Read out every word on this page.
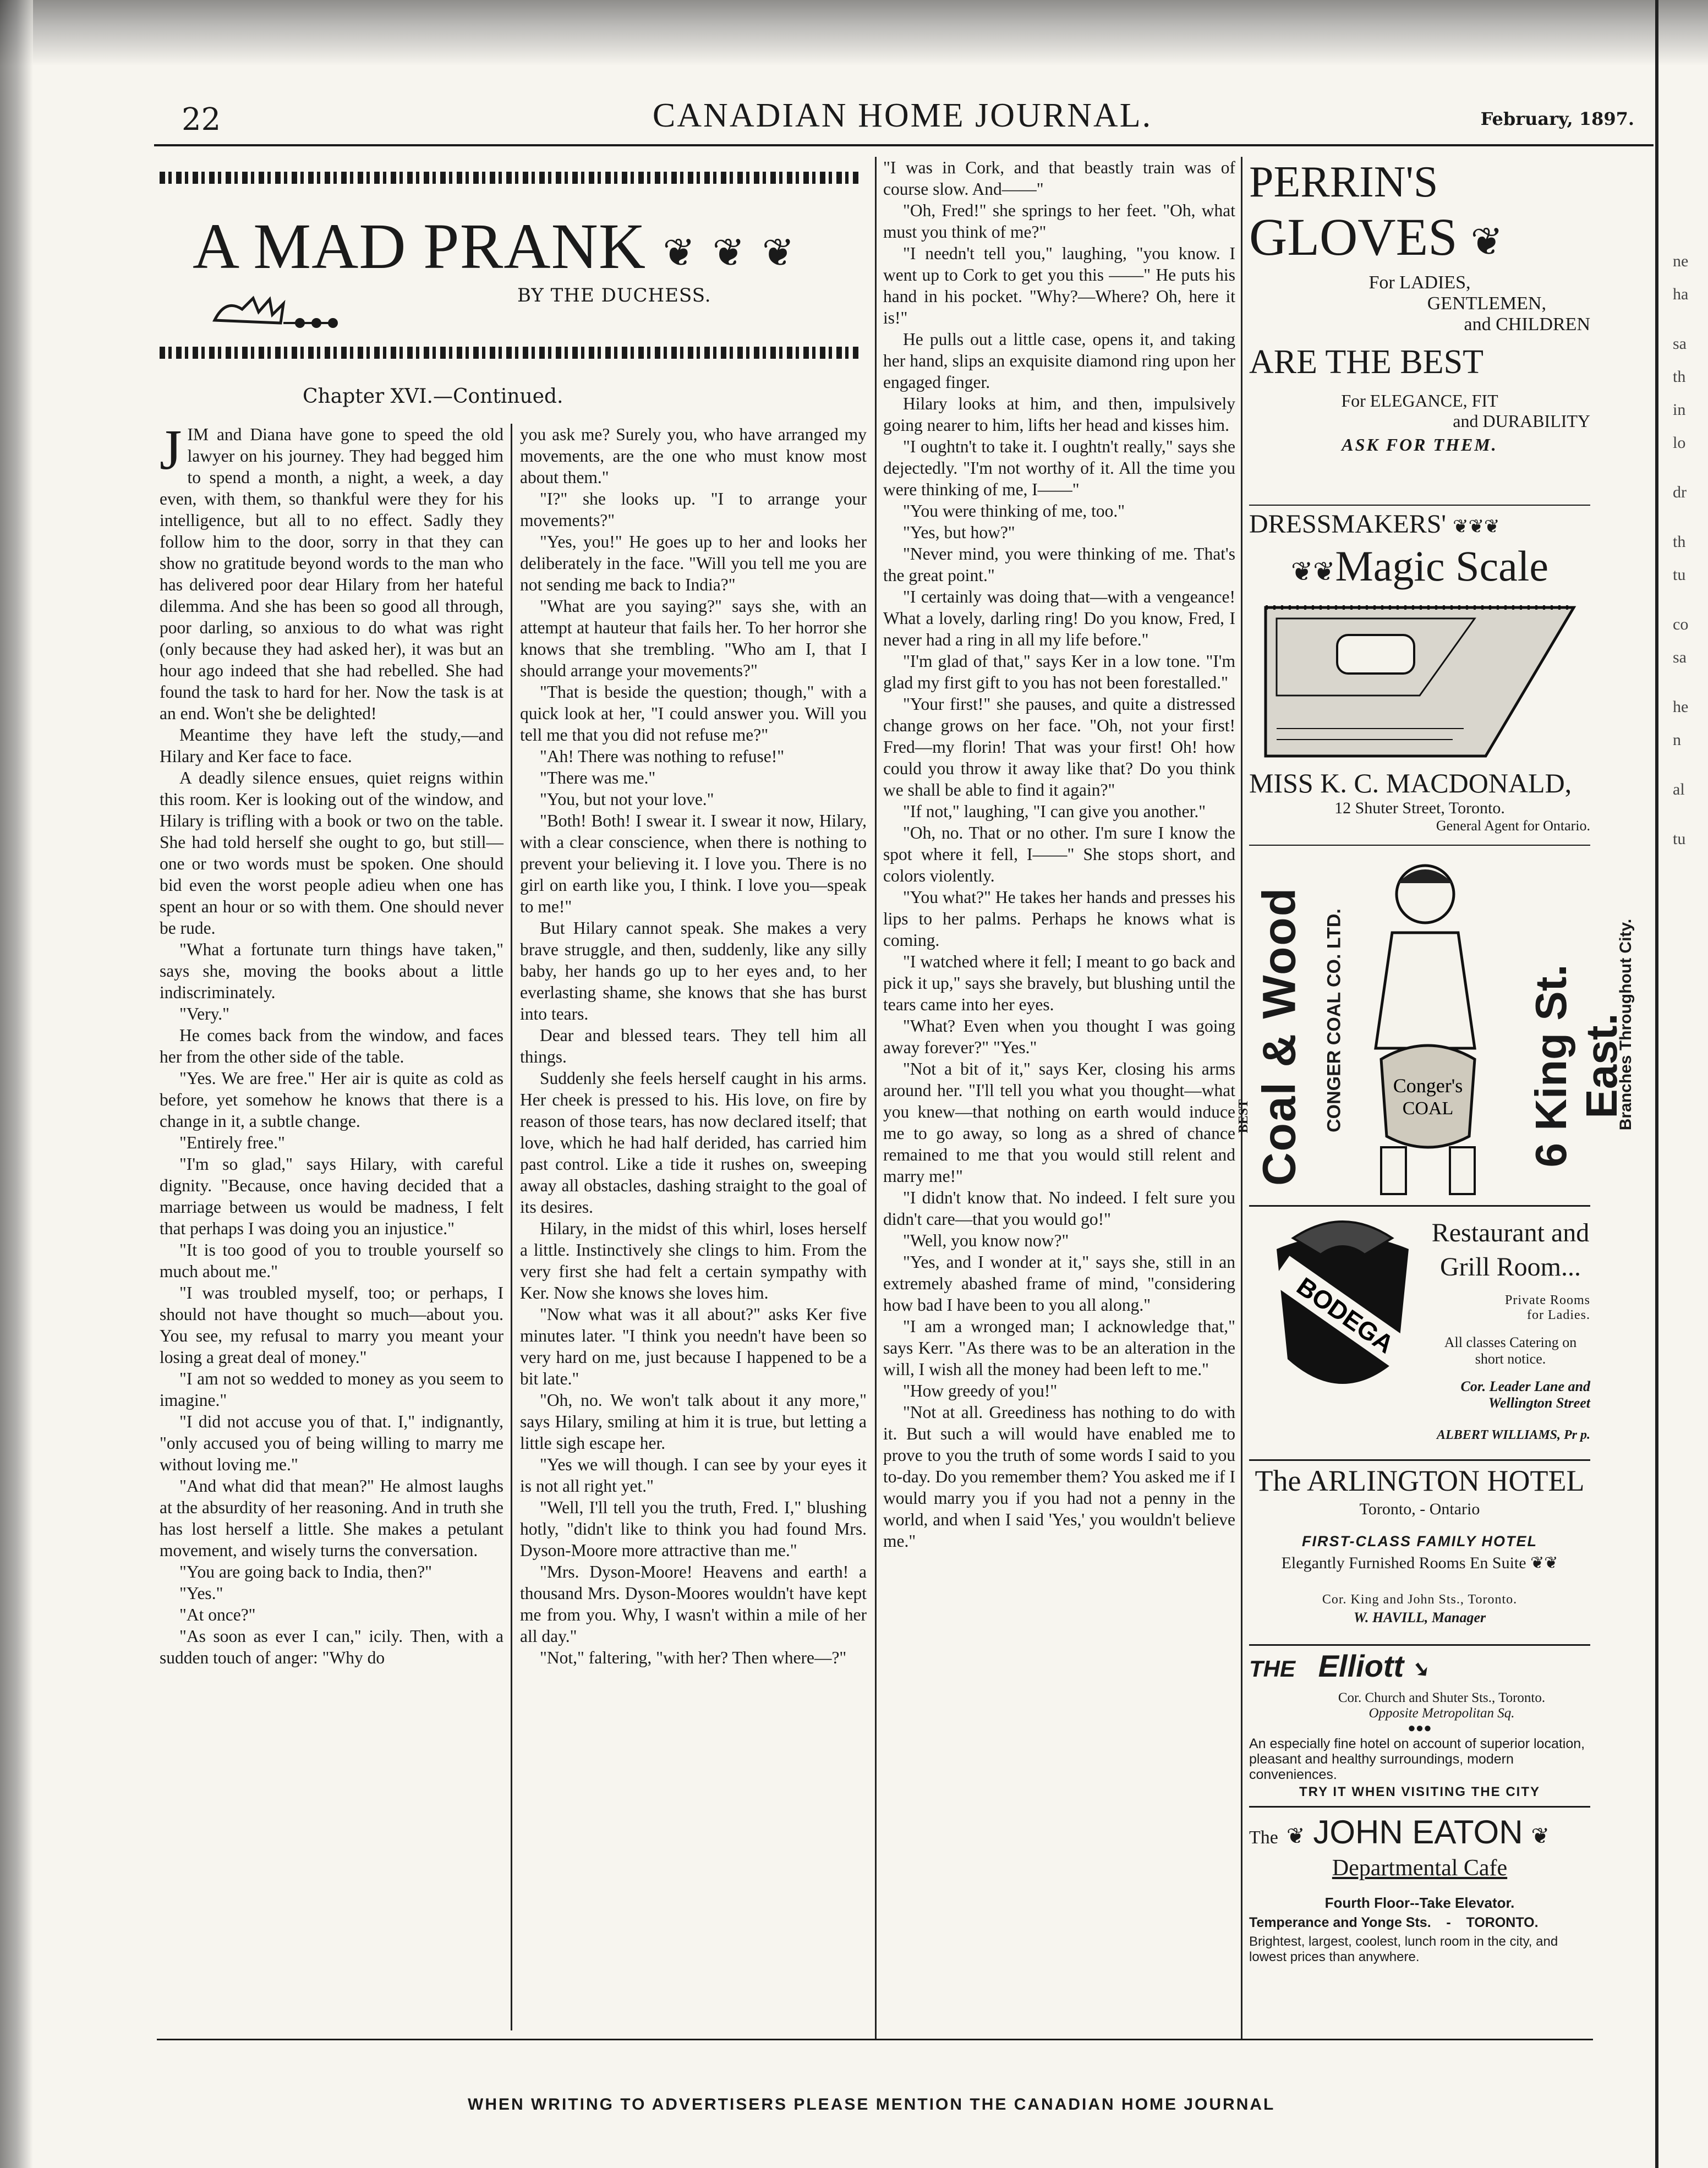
ne

ha

sa

th

in

lo

dr

th

tu

co

sa

he

n

al

tu
22	CANADIAN HOME JOURNAL.	February, 1897.
A MAD PRANK ❦ ❦ ❦
BY THE DUCHESS.
Chapter XVI.—Continued.
J IM and Diana have gone to speed the old lawyer on his journey. They had begged him to spend a month, a night, a week, a day even, with them, so thankful were they for his intelligence, but all to no effect. Sadly they follow him to the door, sorry in that they can show no gratitude beyond words to the man who has delivered poor dear Hilary from her hateful dilemma. And she has been so good all through, poor darling, so anxious to do what was right (only because they had asked her), it was but an hour ago indeed that she had rebelled. She had found the task to hard for her. Now the task is at an end. Won't she be delighted!

Meantime they have left the study,—and Hilary and Ker face to face.

A deadly silence ensues, quiet reigns within this room. Ker is looking out of the window, and Hilary is trifling with a book or two on the table. She had told herself she ought to go, but still—one or two words must be spoken. One should bid even the worst people adieu when one has spent an hour or so with them. One should never be rude.

"What a fortunate turn things have taken," says she, moving the books about a little indiscriminately.

"Very."

He comes back from the window, and faces her from the other side of the table.

"Yes. We are free." Her air is quite as cold as before, yet somehow he knows that there is a change in it, a subtle change.

"Entirely free."

"I'm so glad," says Hilary, with careful dignity. "Because, once having decided that a marriage between us would be madness, I felt that perhaps I was doing you an injustice."

"It is too good of you to trouble yourself so much about me."

"I was troubled myself, too; or perhaps, I should not have thought so much—about you. You see, my refusal to marry you meant your losing a great deal of money."

"I am not so wedded to money as you seem to imagine."

"I did not accuse you of that. I," indignantly, "only accused you of being willing to marry me without loving me."

"And what did that mean?" He almost laughs at the absurdity of her reasoning. And in truth she has lost herself a little. She makes a petulant movement, and wisely turns the conversation.

"You are going back to India, then?"

"Yes."

"At once?"

"As soon as ever I can," icily. Then, with a sudden touch of anger: "Why do

you ask me? Surely you, who have arranged my movements, are the one who must know most about them."

"I?" she looks up. "I to arrange your movements?"

"Yes, you!" He goes up to her and looks her deliberately in the face. "Will you tell me you are not sending me back to India?"

"What are you saying?" says she, with an attempt at hauteur that fails her. To her horror she knows that she trembling. "Who am I, that I should arrange your movements?"

"That is beside the question; though," with a quick look at her, "I could answer you. Will you tell me that you did not refuse me?"

"Ah! There was nothing to refuse!"

"There was me."

"You, but not your love."

"Both! Both! I swear it. I swear it now, Hilary, with a clear conscience, when there is nothing to prevent your believing it. I love you. There is no girl on earth like you, I think. I love you—speak to me!"

But Hilary cannot speak. She makes a very brave struggle, and then, suddenly, like any silly baby, her hands go up to her eyes and, to her everlasting shame, she knows that she has burst into tears.

Dear and blessed tears. They tell him all things.

Suddenly she feels herself caught in his arms. Her cheek is pressed to his. His love, on fire by reason of those tears, has now declared itself; that love, which he had half derided, has carried him past control. Like a tide it rushes on, sweeping away all obstacles, dashing straight to the goal of its desires.

Hilary, in the midst of this whirl, loses herself a little. Instinctively she clings to him. From the very first she had felt a certain sympathy with Ker. Now she knows she loves him.

"Now what was it all about?" asks Ker five minutes later. "I think you needn't have been so very hard on me, just because I happened to be a bit late."

"Oh, no. We won't talk about it any more," says Hilary, smiling at him it is true, but letting a little sigh escape her.

"Yes we will though. I can see by your eyes it is not all right yet."

"Well, I'll tell you the truth, Fred. I," blushing hotly, "didn't like to think you had found Mrs. Dyson-Moore more attractive than me."

"Mrs. Dyson-Moore! Heavens and earth! a thousand Mrs. Dyson-Moores wouldn't have kept me from you. Why, I wasn't within a mile of her all day."

"Not," faltering, "with her? Then where—?"

"I was in Cork, and that beastly train was of course slow. And——"

"Oh, Fred!" she springs to her feet. "Oh, what must you think of me?"

"I needn't tell you," laughing, "you know. I went up to Cork to get you this ——" He puts his hand in his pocket. "Why?—Where? Oh, here it is!"

He pulls out a little case, opens it, and taking her hand, slips an exquisite diamond ring upon her engaged finger.

Hilary looks at him, and then, impulsively going nearer to him, lifts her head and kisses him.

"I oughtn't to take it. I oughtn't really," says she dejectedly. "I'm not worthy of it. All the time you were thinking of me, I——"

"You were thinking of me, too."

"Yes, but how?"

"Never mind, you were thinking of me. That's the great point."

"I certainly was doing that—with a vengeance! What a lovely, darling ring! Do you know, Fred, I never had a ring in all my life before."

"I'm glad of that," says Ker in a low tone. "I'm glad my first gift to you has not been forestalled."

"Your first!" she pauses, and quite a distressed change grows on her face. "Oh, not your first! Fred—my florin! That was your first! Oh! how could you throw it away like that? Do you think we shall be able to find it again?"

"If not," laughing, "I can give you another."

"Oh, no. That or no other. I'm sure I know the spot where it fell, I——" She stops short, and colors violently.

"You what?" He takes her hands and presses his lips to her palms. Perhaps he knows what is coming.

"I watched where it fell; I meant to go back and pick it up," says she bravely, but blushing until the tears came into her eyes.

"What? Even when you thought I was going away forever?" "Yes."

"Not a bit of it," says Ker, closing his arms around her. "I'll tell you what you thought—what you knew—that nothing on earth would induce me to go away, so long as a shred of chance remained to me that you would still relent and marry me!"

"I didn't know that. No indeed. I felt sure you didn't care—that you would go!"

"Well, you know now?"

"Yes, and I wonder at it," says she, still in an extremely abashed frame of mind, "considering how bad I have been to you all along."

"I am a wronged man; I acknowledge that," says Kerr. "As there was to be an alteration in the will, I wish all the money had been left to me."

"How greedy of you!"

"Not at all. Greediness has nothing to do with it. But such a will would have enabled me to prove to you the truth of some words I said to you to-day. Do you remember them? You asked me if I would marry you if you had not a penny in the world, and when I said 'Yes,' you wouldn't believe me."

PERRIN'S
GLOVES ❦
For LADIES,
GENTLEMEN,
and CHILDREN
ARE THE BEST
For ELEGANCE, FIT
and DURABILITY
ASK FOR THEM.
DRESSMAKERS' ❦❦❦
❦❦Magic Scale
MISS K. C. MACDONALD,
12 Shuter Street, Toronto.
General Agent for Ontario.
BEST Coal & Wood CONGER COAL CO. LTD. Conger's
COAL 6 King St. East.
Branches Throughout City.
BODEGA
Restaurant and
Grill Room...
Private Rooms
for Ladies.
All classes Catering on
short notice.
Cor. Leader Lane and
Wellington Street
ALBERT WILLIAMS, Pr p.
The ARLINGTON HOTEL
Toronto, - Ontario
FIRST-CLASS FAMILY HOTEL
Elegantly Furnished Rooms En Suite ❦❦
Cor. King and John Sts., Toronto.
W. HAVILL, Manager
THE Elliott ➘
Cor. Church and Shuter Sts., Toronto.
Opposite Metropolitan Sq.
●●●
An especially fine hotel on account of superior location, pleasant and healthy surroundings, modern conveniences.
TRY IT WHEN VISITING THE CITY
The ❦ JOHN EATON ❦
Departmental Cafe
Fourth Floor--Take Elevator.
Temperance and Yonge Sts.    -    TORONTO.
Brightest, largest, coolest, lunch room in the city, and lowest prices than anywhere.
WHEN WRITING TO ADVERTISERS PLEASE MENTION THE CANADIAN HOME JOURNAL
